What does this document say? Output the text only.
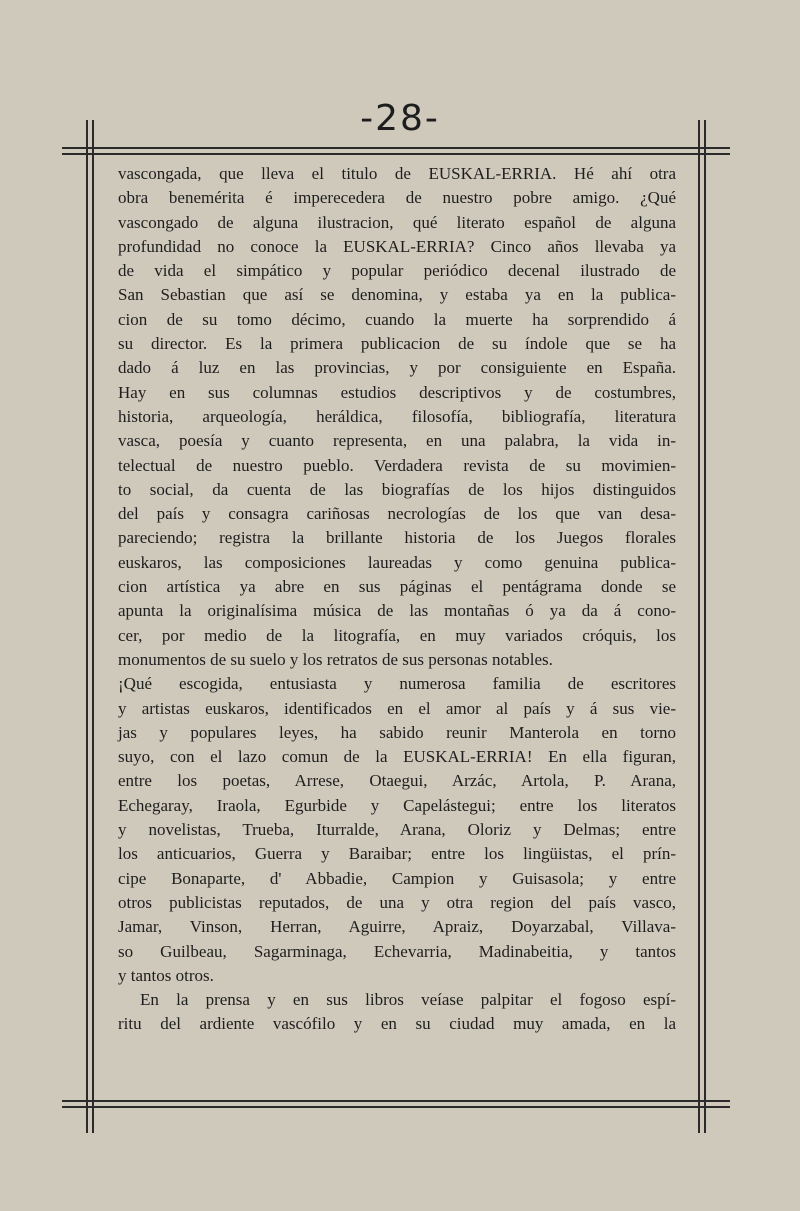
-28-
vascongada, que lleva el titulo de EUSKAL-ERRIA. Hé ahí otra
obra benemérita é imperecedera de nuestro pobre amigo. ¿Qué
vascongado de alguna ilustracion, qué literato español de alguna
profundidad no conoce la EUSKAL-ERRIA? Cinco años llevaba ya
de vida el simpático y popular periódico decenal ilustrado de
San Sebastian que así se denomina, y estaba ya en la publica-
cion de su tomo décimo, cuando la muerte ha sorprendido á
su director. Es la primera publicacion de su índole que se ha
dado á luz en las provincias, y por consiguiente en España.
Hay en sus columnas estudios descriptivos y de costumbres,
historia, arqueología, heráldica, filosofía, bibliografía, literatura
vasca, poesía y cuanto representa, en una palabra, la vida in-
telectual de nuestro pueblo. Verdadera revista de su movimien-
to social, da cuenta de las biografías de los hijos distinguidos
del país y consagra cariñosas necrologías de los que van desa-
pareciendo; registra la brillante historia de los Juegos florales
euskaros, las composiciones laureadas y como genuina publica-
cion artística ya abre en sus páginas el pentágrama donde se
apunta la originalísima música de las montañas ó ya da á cono-
cer, por medio de la litografía, en muy variados cróquis, los
monumentos de su suelo y los retratos de sus personas notables.
¡Qué escogida, entusiasta y numerosa familia de escritores
y artistas euskaros, identificados en el amor al país y á sus vie-
jas y populares leyes, ha sabido reunir Manterola en torno
suyo, con el lazo comun de la EUSKAL-ERRIA! En ella figuran,
entre los poetas, Arrese, Otaegui, Arzác, Artola, P. Arana,
Echegaray, Iraola, Egurbide y Capelástegui; entre los literatos
y novelistas, Trueba, Iturralde, Arana, Oloriz y Delmas; entre
los anticuarios, Guerra y Baraibar; entre los lingüistas, el prín-
cipe Bonaparte, d' Abbadie, Campion y Guisasola; y entre
otros publicistas reputados, de una y otra region del país vasco,
Jamar, Vinson, Herran, Aguirre, Apraiz, Doyarzabal, Villava-
so Guilbeau, Sagarminaga, Echevarria, Madinabeitia, y tantos
y tantos otros.
En la prensa y en sus libros veíase palpitar el fogoso espí-
ritu del ardiente vascófilo y en su ciudad muy amada, en la
